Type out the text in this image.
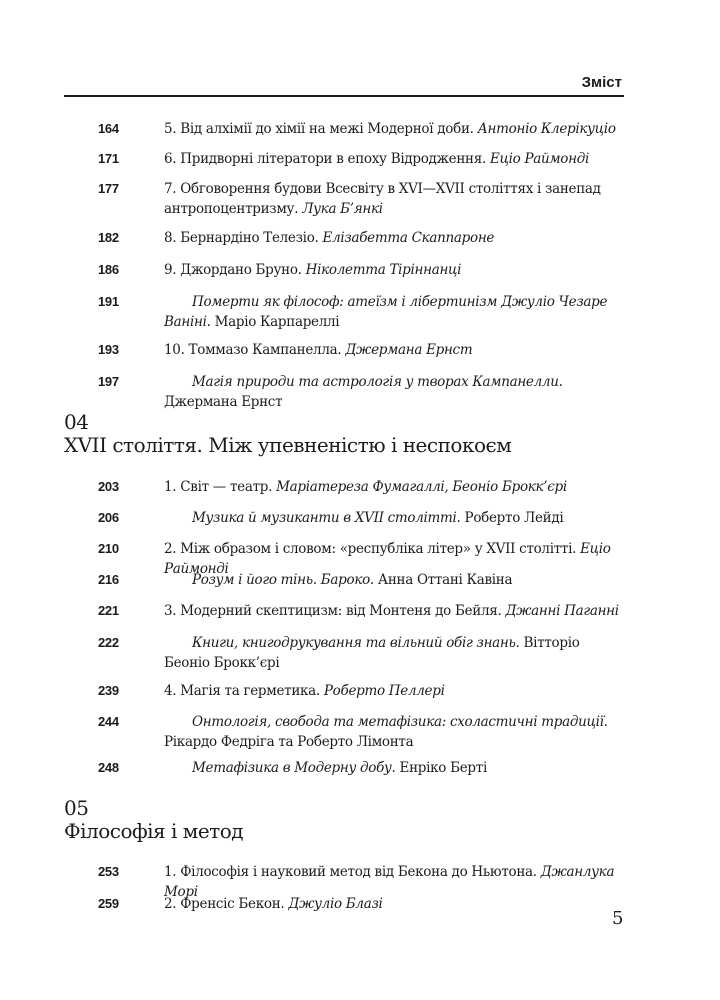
Зміст
164	5. Від алхімії до хімії на межі Модерної доби. Антоніо Клерікуціо
171	6. Придворні літератори в епоху Відродження. Еціо Раймонді
177	7. Обговорення будови Всесвіту в XVI—XVII століттях і занепад антропоцентризму. Лука Б’янкі
182	8. Бернардіно Телезіо. Елізабетта Скаппароне
186	9. Джордано Бруно. Ніколетта Тіріннанці
191	Померти як філософ: атеїзм і лібертинізм Джуліо Чезаре Ваніні. Маріо Карпареллі
193	10. Томмазо Кампанелла. Джермана Ернст
197	Магія природи та астрологія у творах Кампанелли. Джермана Ернст
04
XVII століття. Між упевненістю і неспокоєм
203	1. Світ — театр. Маріатереза Фумагаллі, Беоніо Брокк’єрі
206	Музика й музиканти в XVII столітті. Роберто Лейді
210	2. Між образом і словом: «республіка літер» у XVII столітті. Еціо Раймонді
216	Розум і його тінь. Бароко. Анна Оттані Кавіна
221	3. Модерний скептицизм: від Монтеня до Бейля. Джанні Паганні
222	Книги, книгодрукування та вільний обіг знань. Вітторіо Беоніо Брокк’єрі
239	4. Магія та герметика. Роберто Пеллері
244	Онтологія, свобода та метафізика: схоластичні традиції. Рікардо Федріга та Роберто Лімонта
248	Метафізика в Модерну добу. Енріко Берті
05
Філософія і метод
253	1. Філософія і науковий метод від Бекона до Ньютона. Джанлука Морі
259	2. Френсіс Бекон. Джуліо Блазі
5
